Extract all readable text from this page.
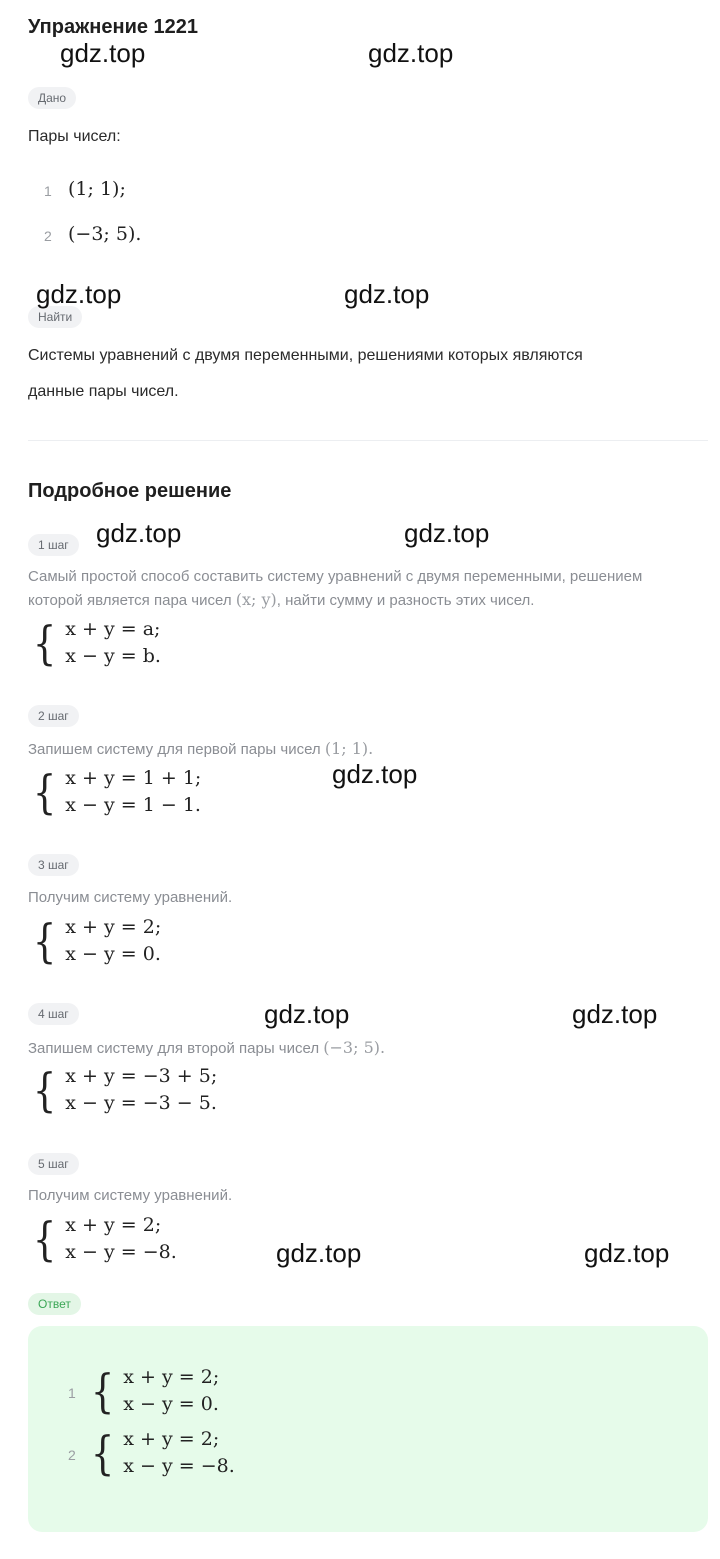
Упражнение 1221
Дано
Пары чисел:
1 (1; 1);
2 (−3; 5).
Найти
Системы уравнений с двумя переменными, решениями которых являются
данные пары чисел.
Подробное решение
1 шаг
Самый простой способ составить систему уравнений с двумя переменными, решением
которой является пара чисел (x; y), найти сумму и разность этих чисел.
{ x + y = a;
x − y = b.
2 шаг
Запишем систему для первой пары чисел (1; 1).
{ x + y = 1 + 1;
x − y = 1 − 1.
3 шаг
Получим систему уравнений.
{ x + y = 2;
x − y = 0.
4 шаг
Запишем систему для второй пары чисел (−3; 5).
{ x + y = −3 + 5;
x − y = −3 − 5.
5 шаг
Получим систему уравнений.
{ x + y = 2;
x − y = −8.
Ответ
1 { x + y = 2;
x − y = 0.
2 { x + y = 2;
x − y = −8.
gdz.top	gdz.top
gdz.top	gdz.top
gdz.top	gdz.top
gdz.top
gdz.top	gdz.top
gdz.top	gdz.top
